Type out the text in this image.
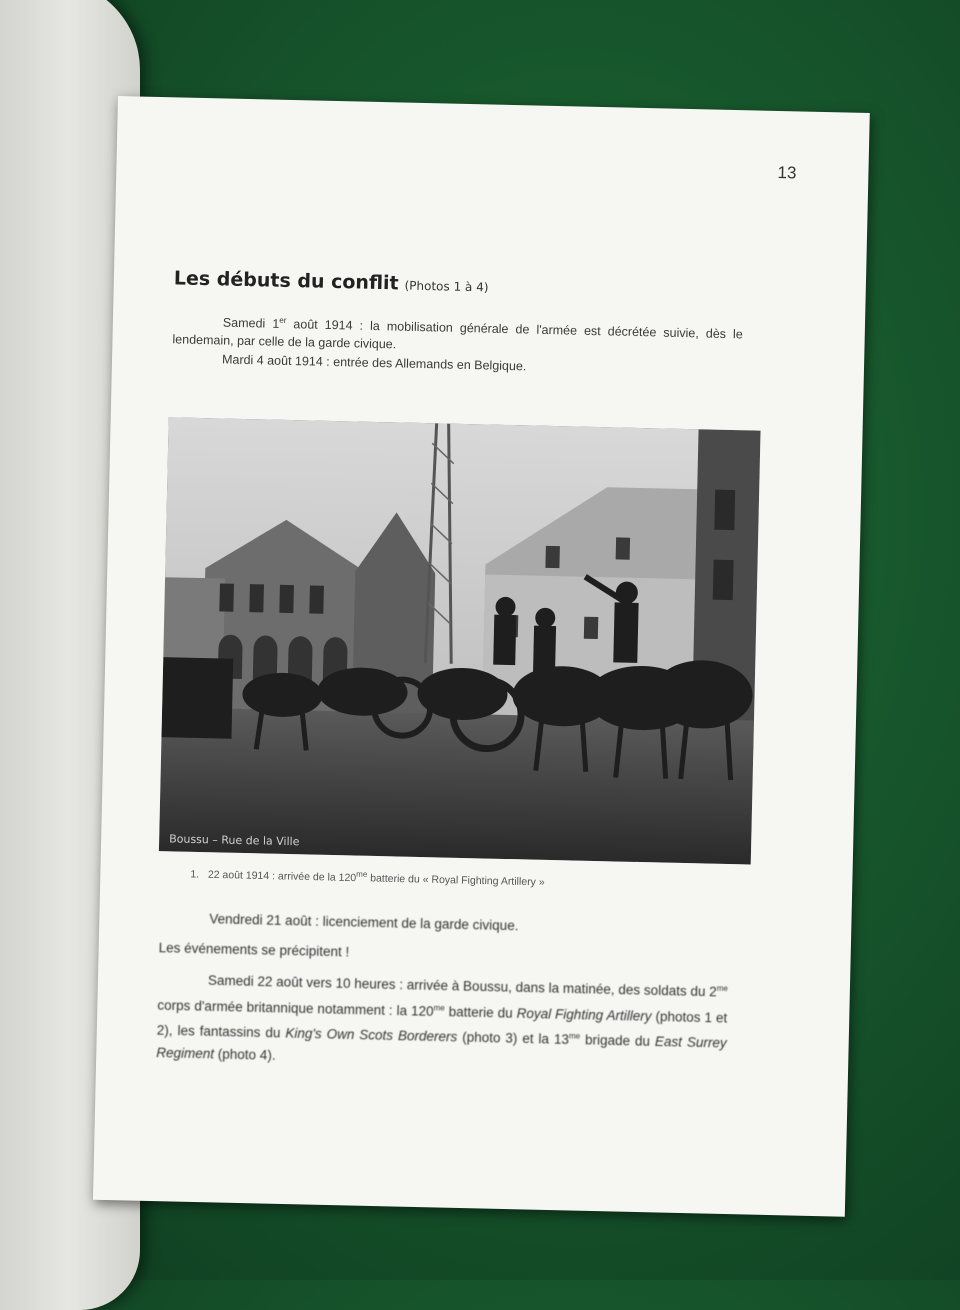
13
Les débuts du conflit (Photos 1 à 4)
Samedi 1er août 1914 : la mobilisation générale de l'armée est décrétée suivie, dès le lendemain, par celle de la garde civique.
Mardi 4 août 1914 : entrée des Allemands en Belgique.
Boussu – Rue de la Ville
1. 22 août 1914 : arrivée de la $120^{me}$ batterie du « Royal Fighting Artillery »
Vendredi 21 août : licenciement de la garde civique.
Les événements se précipitent !
Samedi 22 août vers 10 heures : arrivée à Boussu, dans la matinée, des soldats du $2^{me}$ corps d'armée britannique notamment : la $120^{me}$ batterie du Royal Fighting Artillery (photos 1 et 2), les fantassins du King's Own Scots Borderers (photo 3) et la $13^{me}$ brigade du East Surrey Regiment (photo 4).
